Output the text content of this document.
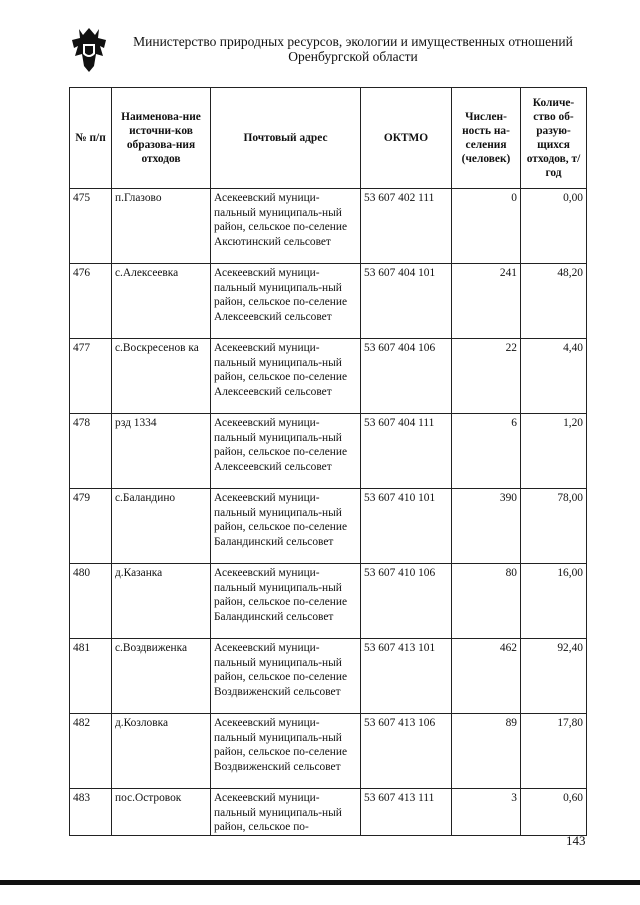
Министерство природных ресурсов, экологии и имущественных отношений
Оренбургской области
№ п/п	Наименова-ние источни-ков образова-ния отходов	Почтовый адрес	ОКТМО	Числен-ность на-селения (человек)	Количе-ство об-разую-щихся отходов, т/год
475	п.Глазово	Асекеевский муници-пальный муниципаль-ный район, сельское по-селение Аксютинский сельсовет	53 607 402 111	0	0,00
476	с.Алексеевка	Асекеевский муници-пальный муниципаль-ный район, сельское по-селение Алексеевский сельсовет	53 607 404 101	241	48,20
477	с.Воскресенов ка	Асекеевский муници-пальный муниципаль-ный район, сельское по-селение Алексеевский сельсовет	53 607 404 106	22	4,40
478	рзд 1334	Асекеевский муници-пальный муниципаль-ный район, сельское по-селение Алексеевский сельсовет	53 607 404 111	6	1,20
479	с.Баландино	Асекеевский муници-пальный муниципаль-ный район, сельское по-селение Баландинский сельсовет	53 607 410 101	390	78,00
480	д.Казанка	Асекеевский муници-пальный муниципаль-ный район, сельское по-селение Баландинский сельсовет	53 607 410 106	80	16,00
481	с.Воздвиженка	Асекеевский муници-пальный муниципаль-ный район, сельское по-селение Воздвиженский сельсовет	53 607 413 101	462	92,40
482	д.Козловка	Асекеевский муници-пальный муниципаль-ный район, сельское по-селение Воздвиженский сельсовет	53 607 413 106	89	17,80
483	пос.Островок	Асекеевский муници-пальный муниципаль-ный район, сельское по-	53 607 413 111	3	0,60
143
